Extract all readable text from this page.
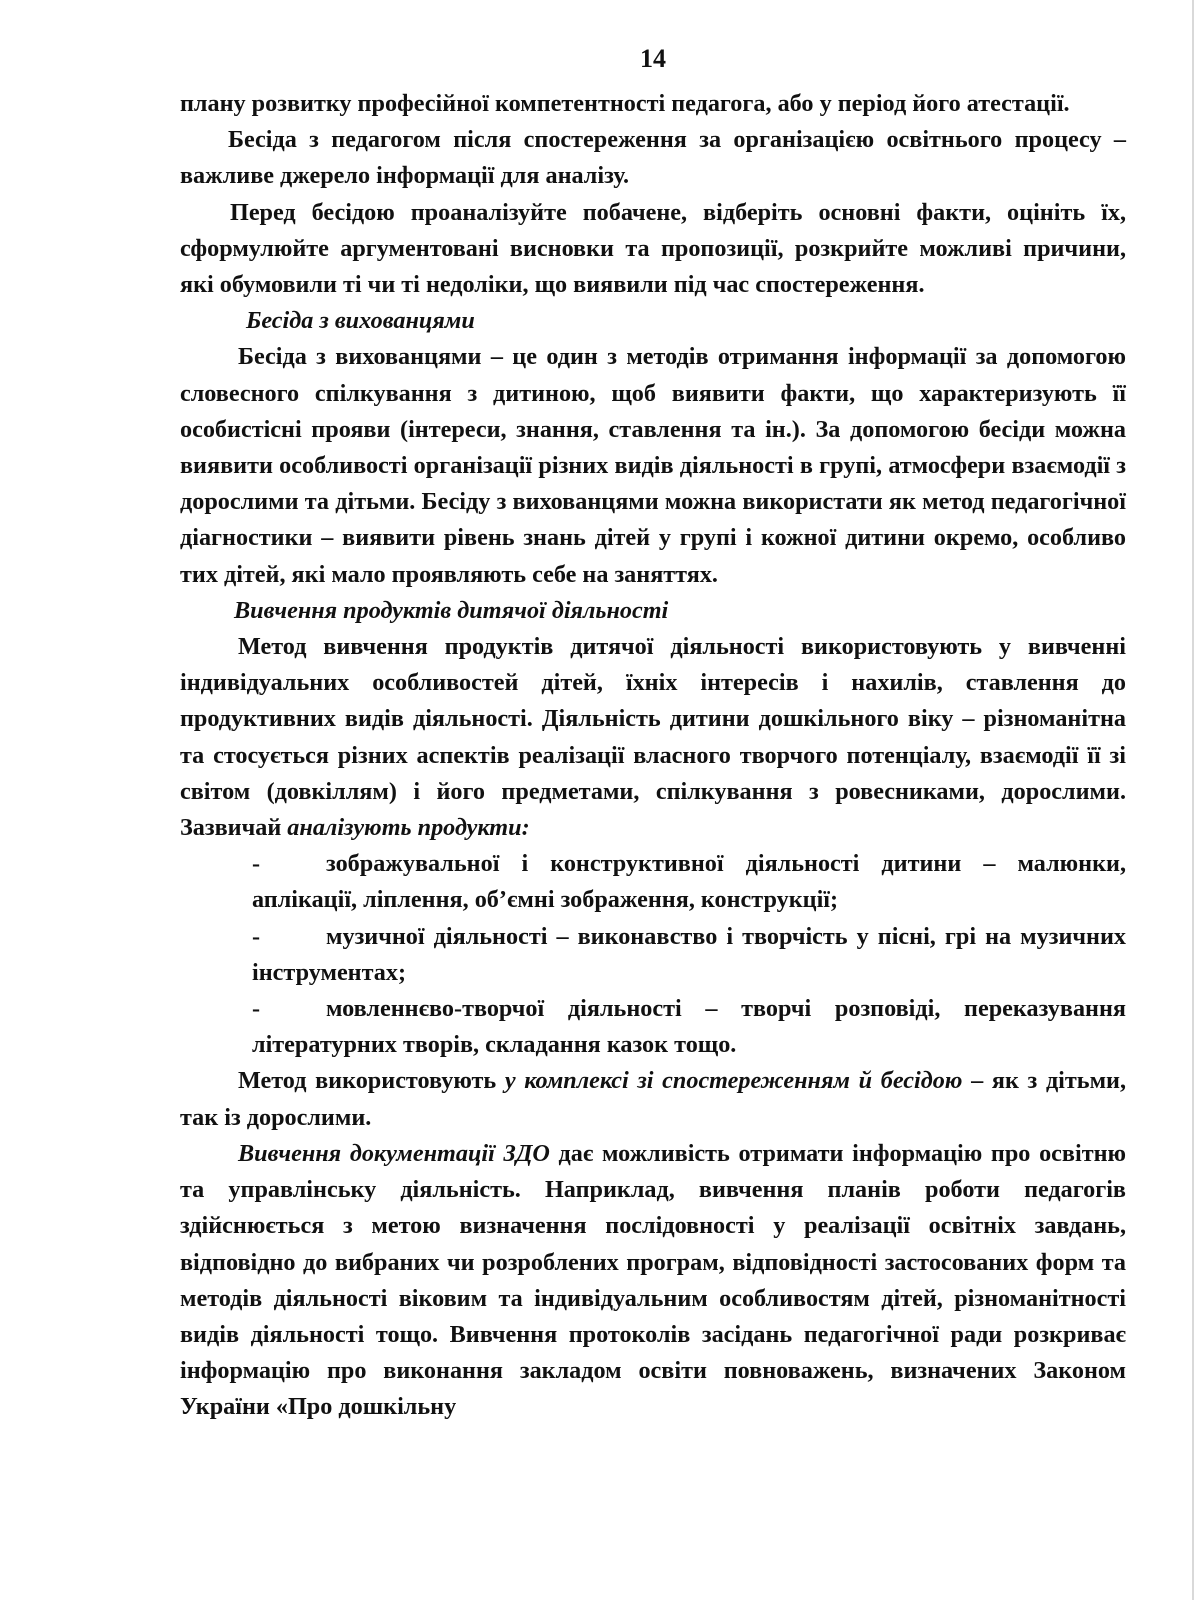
14

плану розвитку професійної компетентності педагога, або у період його атестації.

Бесіда з педагогом після спостереження за організацією освітнього процесу – важливе джерело інформації для аналізу.

Перед бесідою проаналізуйте побачене, відберіть основні факти, оцініть їх, сформулюйте аргументовані висновки та пропозиції, розкрийте можливі причини, які обумовили ті чи ті недоліки, що виявили під час спостереження.

Бесіда з вихованцями

Бесіда з вихованцями – це один з методів отримання інформації за допомогою словесного спілкування з дитиною, щоб виявити факти, що характеризують її особистісні прояви (інтереси, знання, ставлення та ін.). За допомогою бесіди можна виявити особливості організації різних видів діяльності в групі, атмосфери взаємодії з дорослими та дітьми. Бесіду з вихованцями можна використати як метод педагогічної діагностики – виявити рівень знань дітей у групі і кожної дитини окремо, особливо тих дітей, які мало проявляють себе на заняттях.

Вивчення продуктів дитячої діяльності

Метод вивчення продуктів дитячої діяльності використовують у вивченні індивідуальних особливостей дітей, їхніх інтересів і нахилів, ставлення до продуктивних видів діяльності. Діяльність дитини дошкільного віку – різноманітна та стосується різних аспектів реалізації власного творчого потенціалу, взаємодії її зі світом (довкіллям) і його предметами, спілкування з ровесниками, дорослими. Зазвичай аналізують продукти:

-	зображувальної і конструктивної діяльності дитини – малюнки, аплікації, ліплення, об’ємні зображення, конструкції;

-	музичної діяльності – виконавство і творчість у пісні, грі на музичних інструментах;

-	мовленнєво-творчої діяльності – творчі розповіді, переказування літературних творів, складання казок тощо.

Метод використовують у комплексі зі спостереженням й бесідою – як з дітьми, так із дорослими.

Вивчення документації ЗДО дає можливість отримати інформацію про освітню та управлінську діяльність. Наприклад, вивчення планів роботи педагогів здійснюється з метою визначення послідовності у реалізації освітніх завдань, відповідно до вибраних чи розроблених програм, відповідності застосованих форм та методів діяльності віковим та індивідуальним особливостям дітей, різноманітності видів діяльності тощо. Вивчення протоколів засідань педагогічної ради розкриває інформацію про виконання закладом освіти повноважень, визначених Законом України «Про дошкільну
